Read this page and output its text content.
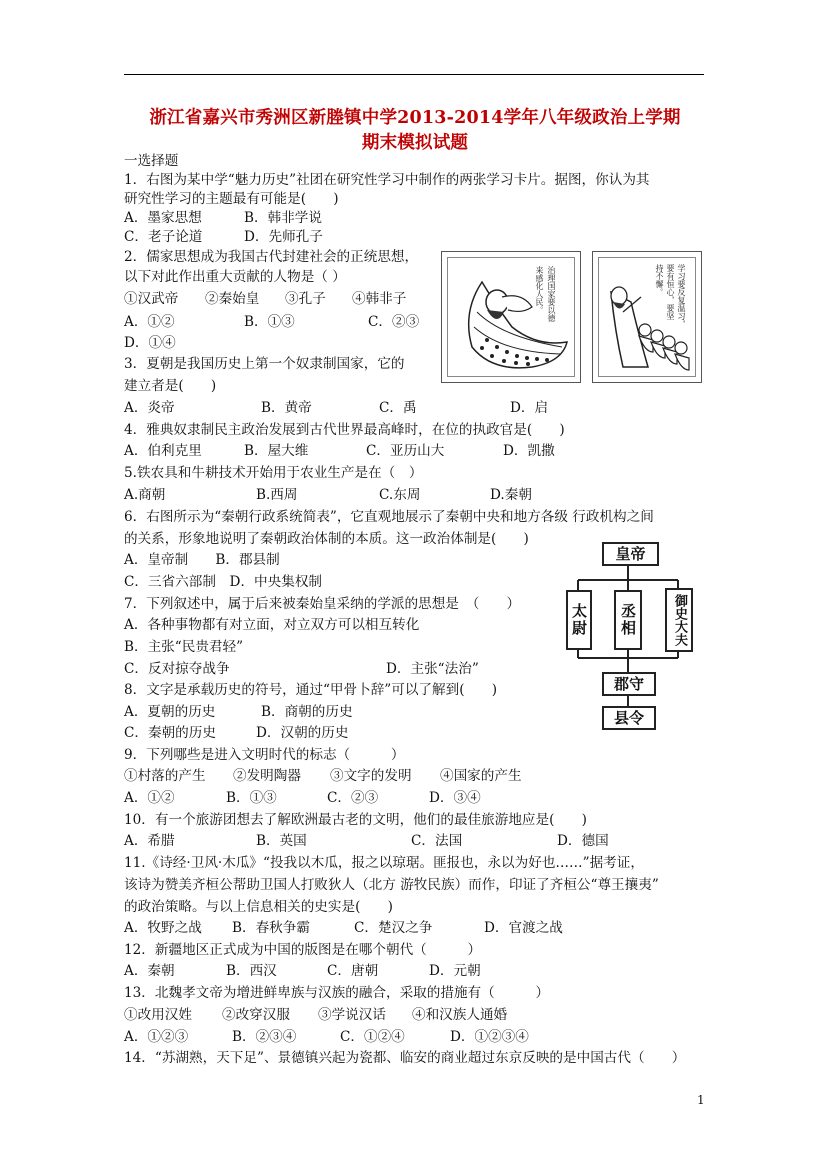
浙江省嘉兴市秀洲区新塍镇中学2013-2014学年八年级政治上学期
期末模拟试题
一选择题
1．右图为某中学“魅力历史”社团在研究性学习中制作的两张学习卡片。据图，你认为其
研究性学习的主题最有可能是(　　)
A．墨家思想	B．韩非学说
C．老子论道	D．先师孔子
2．儒家思想成为我国古代封建社会的正统思想，
以下对此作出重大贡献的人物是（ ）
①汉武帝 ②秦始皇 ③孔子 ④韩非子
A．①②	B．①③	C．②③
D．①④
治理国家要以德
来感化人民。	学习要反复温习，
要有恒心，要坚
持不懈。
3．夏朝是我国历史上第一个奴隶制国家，它的
建立者是(　　)
A．炎帝	B．黄帝	C．禹	D．启
4．雅典奴隶制民主政治发展到古代世界最高峰时，在位的执政官是(　　)
A．伯利克里	B．屋大维	C．亚历山大	D．凯撒
5.铁农具和牛耕技术开始用于农业生产是在（　）
A.商朝	B.西周	C.东周	D.秦朝
6．右图所示为“秦朝行政系统简表”，它直观地展示了秦朝中央和地方各级 行政机构之间
的关系，形象地说明了秦朝政治体制的本质。这一政治体制是(　　)
A．皇帝制　　B．郡县制
C．三省六部制　D．中央集权制
皇帝
太尉	丞相	御史大夫
郡守
县令
7．下列叙述中，属于后来被秦始皇采纳的学派的思想是　（　　）
A．各种事物都有对立面，对立双方可以相互转化
B．主张“民贵君轻”
C．反对掠夺战争	D．主张“法治”
8．文字是承载历史的符号，通过“甲骨卜辞”可以了解到(　　)
A．夏朝的历史	B．商朝的历史
C．秦朝的历史	D．汉朝的历史
9．下列哪些是进入文明时代的标志（　　　）
①村落的产生 ②发明陶器 ③文字的发明 ④国家的产生
A．①②	B．①③	C．②③	D．③④
10．有一个旅游团想去了解欧洲最古老的文明，他们的最佳旅游地应是(　　)
A．希腊	B．英国	C．法国	D．德国
11.《诗经·卫风·木瓜》“投我以木瓜，报之以琼琚。匪报也，永以为好也……”据考证，
该诗为赞美齐桓公帮助卫国人打败狄人（北方 游牧民族）而作，印证了齐桓公“尊王攘夷”
的政治策略。与以上信息相关的史实是(　　)
A．牧野之战 B．春秋争霸	C．楚汉之争	D．官渡之战
12．新疆地区正式成为中国的版图是在哪个朝代（　　　）
A．秦朝	B．西汉	C．唐朝	D．元朝
13．北魏孝文帝为增进鲜卑族与汉族的融合，采取的措施有（　　　）
①改用汉姓 ②改穿汉服 ③学说汉话 ④和汉族人通婚
A．①②③	B．②③④	C．①②④	D．①②③④
14．“苏湖熟，天下足”、景德镇兴起为瓷都、临安的商业超过东京反映的是中国古代（　　）
1
